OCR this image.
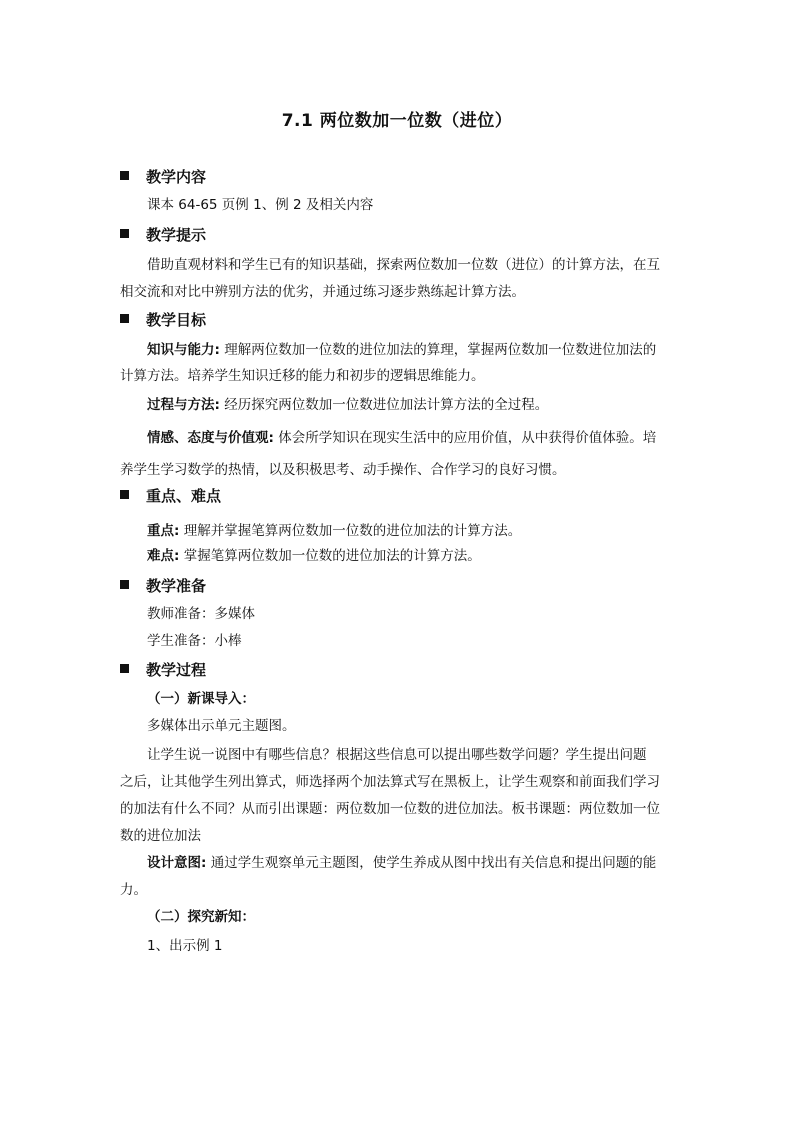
7.1 两位数加一位数（进位）
教学内容
课本 64-65 页例 1、例 2 及相关内容
教学提示
借助直观材料和学生已有的知识基础，探索两位数加一位数（进位）的计算方法，在互
相交流和对比中辨别方法的优劣，并通过练习逐步熟练起计算方法。
教学目标
知识与能力: 理解两位数加一位数的进位加法的算理，掌握两位数加一位数进位加法的
计算方法。培养学生知识迁移的能力和初步的逻辑思维能力。
过程与方法: 经历探究两位数加一位数进位加法计算方法的全过程。
情感、态度与价值观: 体会所学知识在现实生活中的应用价值，从中获得价值体验。培
养学生学习数学的热情，以及积极思考、动手操作、合作学习的良好习惯。
重点、难点
重点: 理解并掌握笔算两位数加一位数的进位加法的计算方法。
难点: 掌握笔算两位数加一位数的进位加法的计算方法。
教学准备
教师准备：多媒体
学生准备：小棒
教学过程
（一）新课导入：
多媒体出示单元主题图。
让学生说一说图中有哪些信息？根据这些信息可以提出哪些数学问题？学生提出问题
之后，让其他学生列出算式，师选择两个加法算式写在黑板上，让学生观察和前面我们学习
的加法有什么不同？从而引出课题：两位数加一位数的进位加法。板书课题：两位数加一位
数的进位加法
设计意图: 通过学生观察单元主题图，使学生养成从图中找出有关信息和提出问题的能
力。
（二）探究新知：
1、出示例 1
